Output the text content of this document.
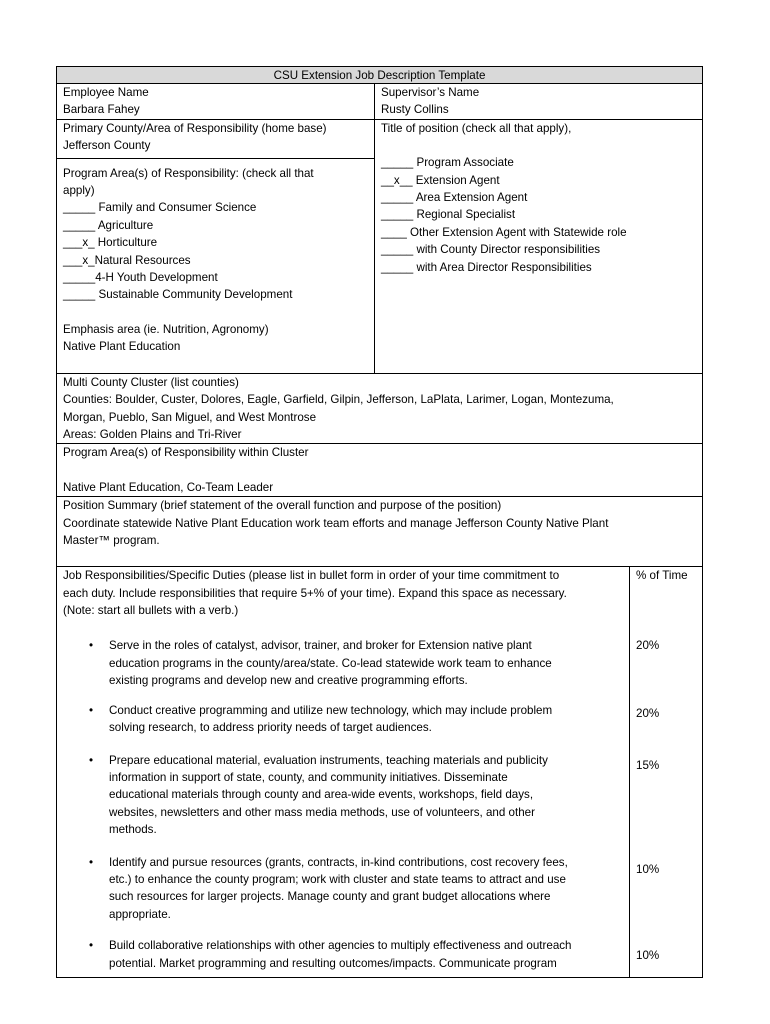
CSU Extension Job Description Template
Employee Name
Barbara Fahey
Supervisor’s Name
Rusty Collins
Primary County/Area of Responsibility (home base)
Jefferson County
Program Area(s) of Responsibility: (check all that
apply)
_____ Family and Consumer Science
_____ Agriculture
___x_ Horticulture
___x_Natural Resources
_____4-H Youth Development
_____ Sustainable Community Development
Emphasis area (ie. Nutrition, Agronomy)
Native Plant Education
Title of position (check all that apply),
_____ Program Associate
__x__ Extension Agent
_____ Area Extension Agent
_____ Regional Specialist
____ Other Extension Agent with Statewide role
_____ with County Director responsibilities
_____ with Area Director Responsibilities
Multi County Cluster (list counties)
Counties: Boulder, Custer, Dolores, Eagle, Garfield, Gilpin, Jefferson, LaPlata, Larimer, Logan, Montezuma,
Morgan, Pueblo, San Miguel, and West Montrose
Areas: Golden Plains and Tri-River
Program Area(s) of Responsibility within Cluster
Native Plant Education, Co-Team Leader
Position Summary (brief statement of the overall function and purpose of the position)
Coordinate statewide Native Plant Education work team efforts and manage Jefferson County Native Plant
Master™ program.
Job Responsibilities/Specific Duties (please list in bullet form in order of your time commitment to
each duty. Include responsibilities that require 5+% of your time). Expand this space as necessary.
(Note: start all bullets with a verb.)
• Serve in the roles of catalyst, advisor, trainer, and broker for Extension native plant
education programs in the county/area/state. Co-lead statewide work team to enhance
existing programs and develop new and creative programming efforts.
• Conduct creative programming and utilize new technology, which may include problem
solving research, to address priority needs of target audiences.
• Prepare educational material, evaluation instruments, teaching materials and publicity
information in support of state, county, and community initiatives. Disseminate
educational materials through county and area-wide events, workshops, field days,
websites, newsletters and other mass media methods, use of volunteers, and other
methods.
• Identify and pursue resources (grants, contracts, in-kind contributions, cost recovery fees,
etc.) to enhance the county program; work with cluster and state teams to attract and use
such resources for larger projects. Manage county and grant budget allocations where
appropriate.
• Build collaborative relationships with other agencies to multiply effectiveness and outreach
potential. Market programming and resulting outcomes/impacts. Communicate program
% of Time
20%
20%
15%
10%
10%
